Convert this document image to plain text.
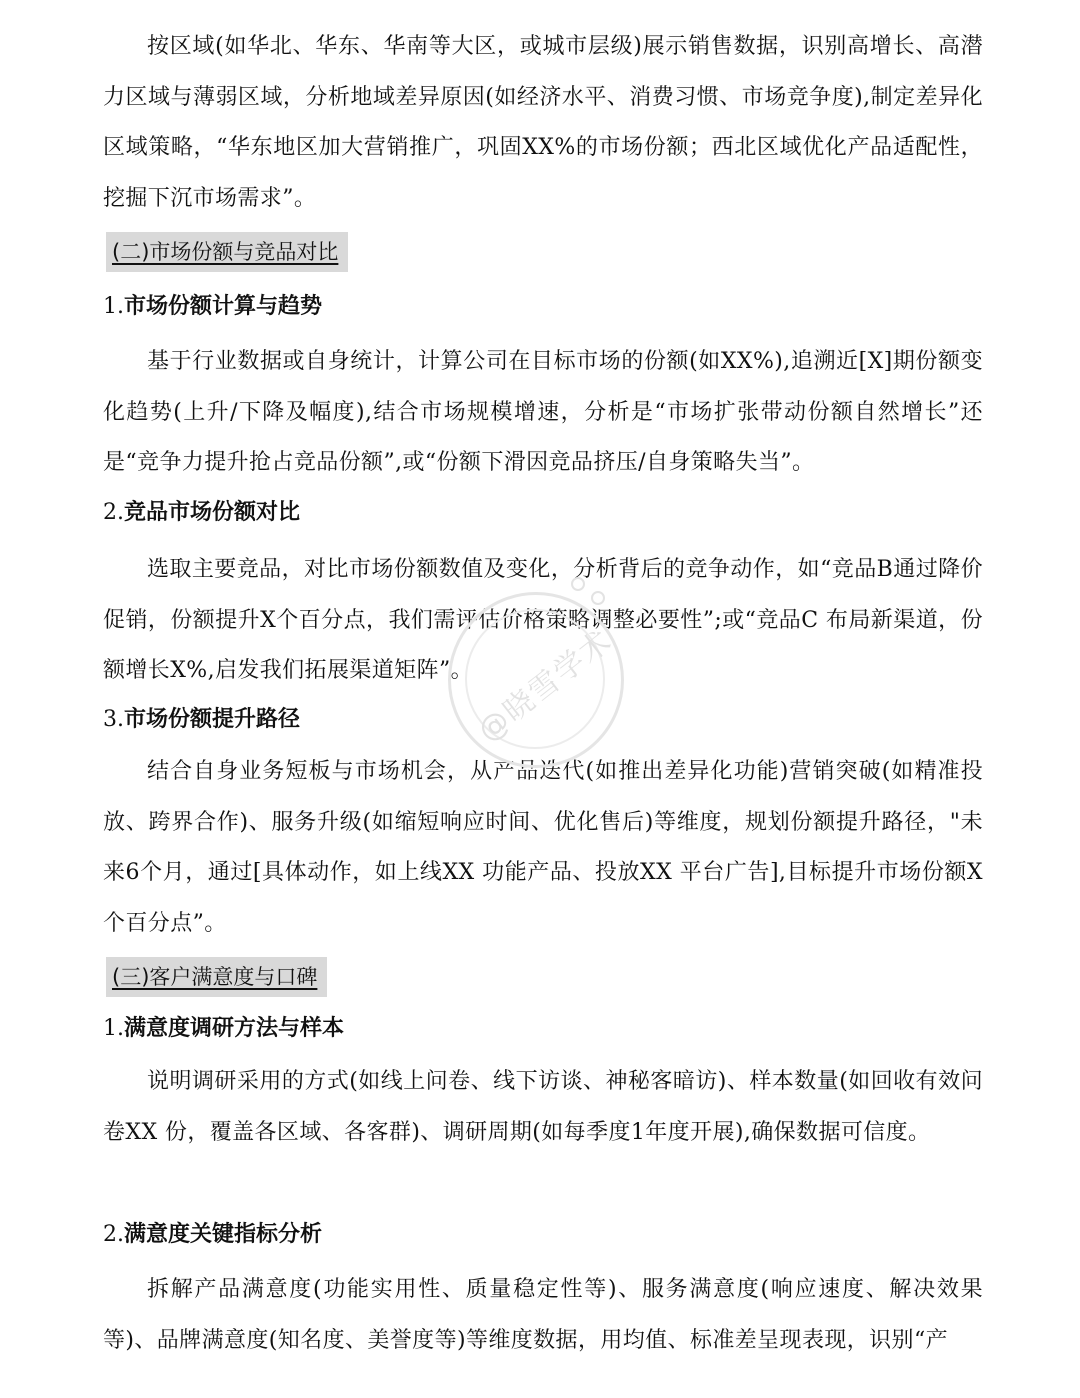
按区域(如华北、华东、华南等大区，或城市层级)展示销售数据，识别高增长、高潜力区域与薄弱区域，分析地域差异原因(如经济水平、消费习惯、市场竞争度),制定差异化区域策略，“华东地区加大营销推广，巩固XX%的市场份额；西北区域优化产品适配性，挖掘下沉市场需求”。

(二)市场份额与竞品对比
1.市场份额计算与趋势

基于行业数据或自身统计，计算公司在目标市场的份额(如XX%),追溯近[X]期份额变化趋势(上升/下降及幅度),结合市场规模增速，分析是“市场扩张带动份额自然增长”还是“竞争力提升抢占竞品份额”,或“份额下滑因竞品挤压/自身策略失当”。

2.竞品市场份额对比

选取主要竞品，对比市场份额数值及变化，分析背后的竞争动作，如“竞品B通过降价促销，份额提升X个百分点，我们需评估价格策略调整必要性”;或“竞品C 布局新渠道，份额增长X%,启发我们拓展渠道矩阵”。

3.市场份额提升路径

结合自身业务短板与市场机会，从产品迭代(如推出差异化功能)营销突破(如精准投放、跨界合作)、服务升级(如缩短响应时间、优化售后)等维度，规划份额提升路径，"未来6个月，通过[具体动作，如上线XX 功能产品、投放XX 平台广告],目标提升市场份额X个百分点”。

(三)客户满意度与口碑
1.满意度调研方法与样本

说明调研采用的方式(如线上问卷、线下访谈、神秘客暗访)、样本数量(如回收有效问卷XX 份，覆盖各区域、各客群)、调研周期(如每季度1年度开展),确保数据可信度。

2.满意度关键指标分析

拆解产品满意度(功能实用性、质量稳定性等)、服务满意度(响应速度、解决效果等)、品牌满意度(知名度、美誉度等)等维度数据，用均值、标准差呈现表现，识别“产

@晓雪学术
